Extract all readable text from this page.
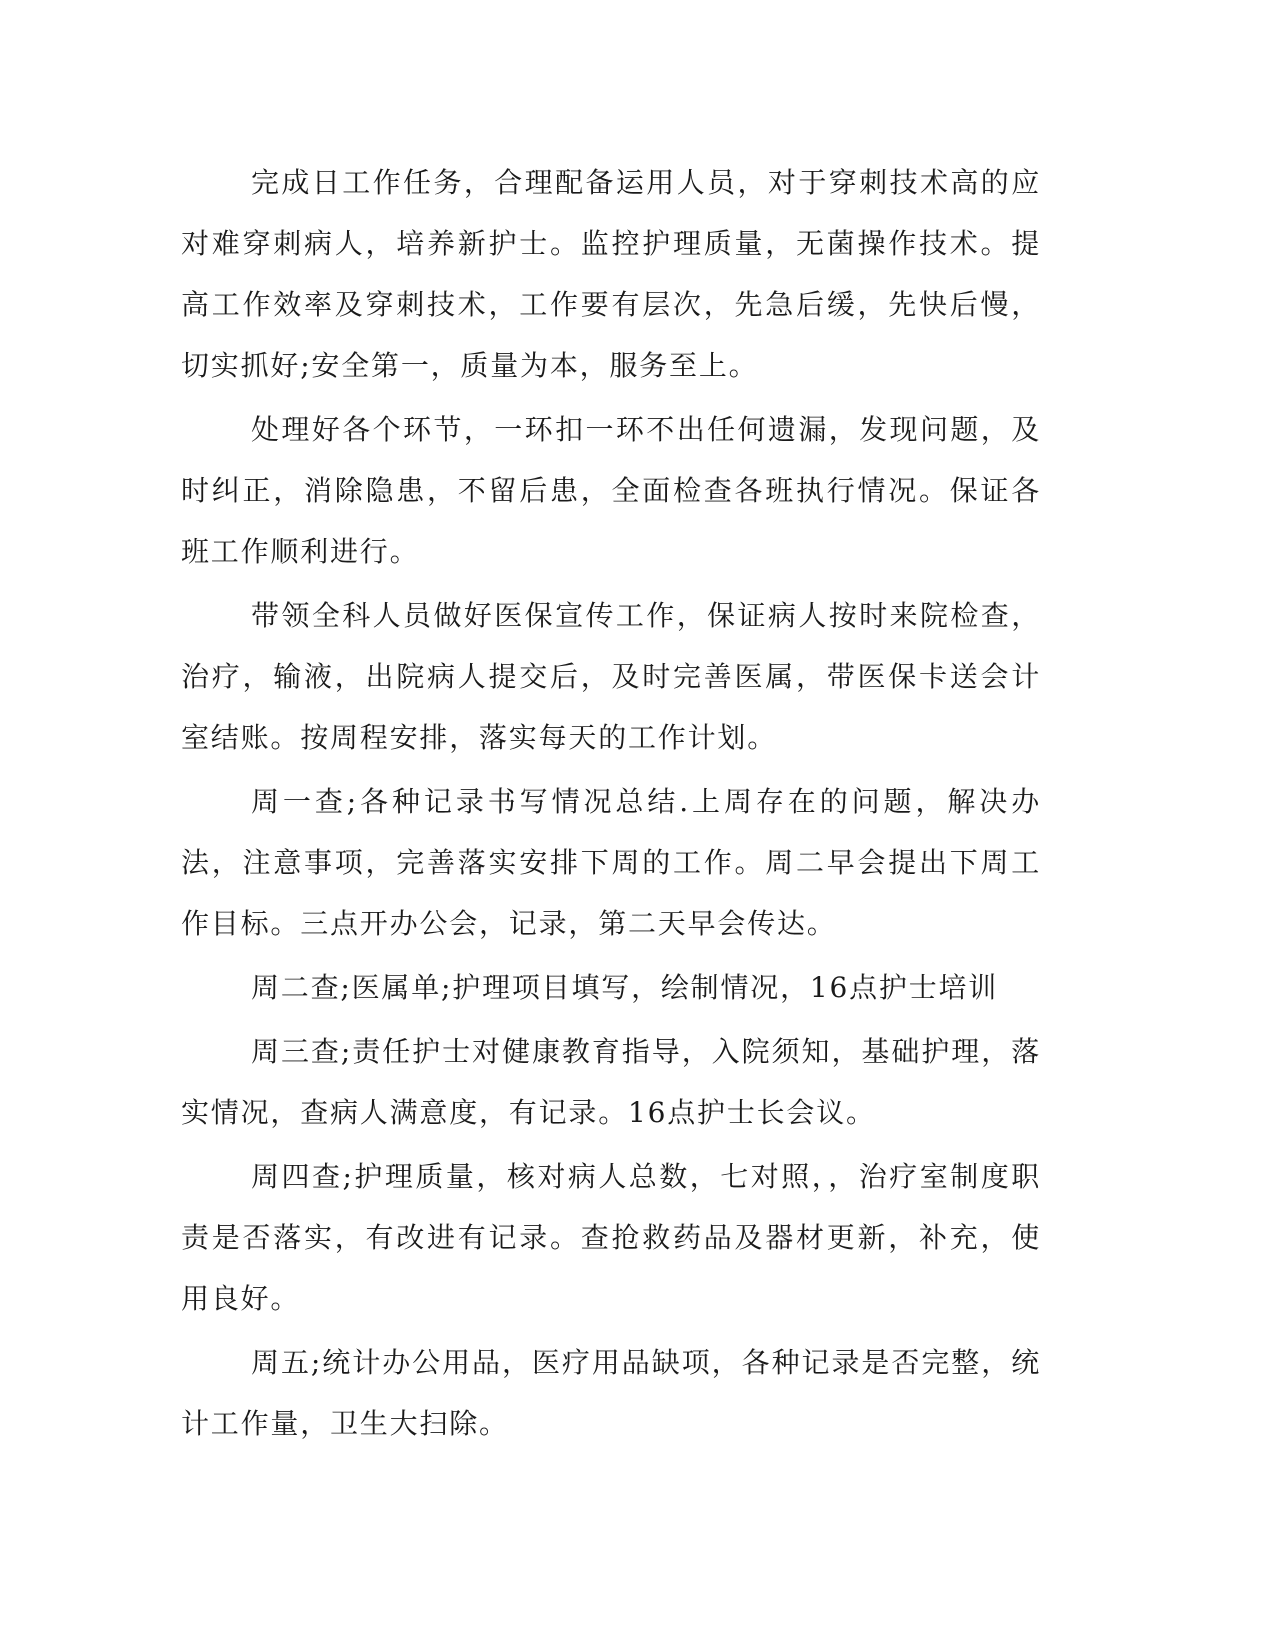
完成日工作任务，合理配备运用人员，对于穿刺技术高的应对难穿刺病人，培养新护士。监控护理质量，无菌操作技术。提高工作效率及穿刺技术，工作要有层次，先急后缓，先快后慢，切实抓好;安全第一，质量为本，服务至上。

处理好各个环节，一环扣一环不出任何遗漏，发现问题，及时纠正，消除隐患，不留后患，全面检查各班执行情况。保证各班工作顺利进行。

带领全科人员做好医保宣传工作，保证病人按时来院检查，治疗，输液，出院病人提交后，及时完善医属，带医保卡送会计室结账。按周程安排，落实每天的工作计划。

周一查;各种记录书写情况总结.上周存在的问题，解决办法，注意事项，完善落实安排下周的工作。周二早会提出下周工作目标。三点开办公会，记录，第二天早会传达。

周二查;医属单;护理项目填写，绘制情况，16点护士培训

周三查;责任护士对健康教育指导，入院须知，基础护理，落实情况，查病人满意度，有记录。16点护士长会议。

周四查;护理质量，核对病人总数，七对照，，治疗室制度职责是否落实，有改进有记录。查抢救药品及器材更新，补充，使用良好。

周五;统计办公用品，医疗用品缺项，各种记录是否完整，统计工作量，卫生大扫除。
